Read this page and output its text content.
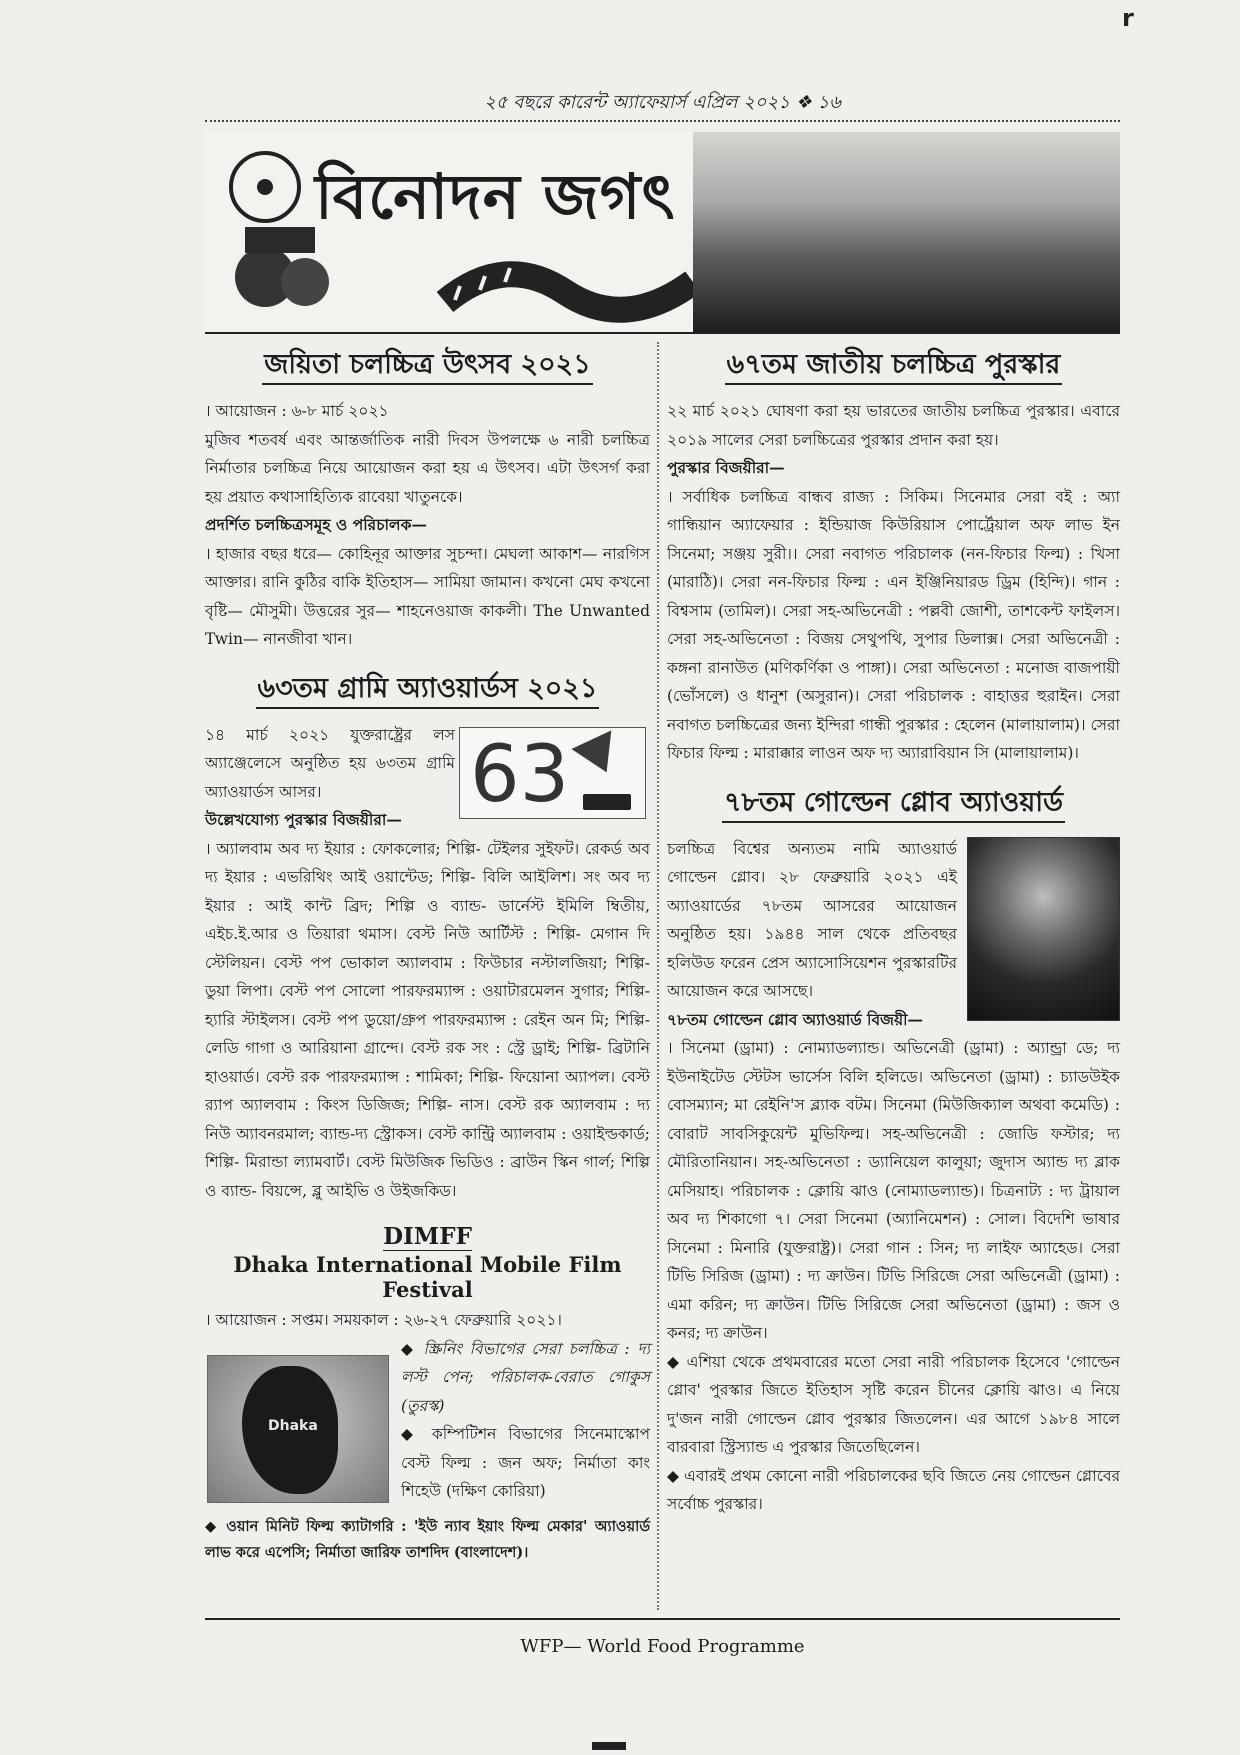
r
২৫ বছরে কারেন্ট অ্যাফেয়ার্স এপ্রিল ২০২১ ❖ ১৬
বিনোদন জগৎ
জয়িতা চলচ্চিত্র উৎসব ২০২১

। আয়োজন : ৬-৮ মার্চ ২০২১

মুজিব শতবর্ষ এবং আন্তর্জাতিক নারী দিবস উপলক্ষে ৬ নারী চলচ্চিত্র নির্মাতার চলচ্চিত্র নিয়ে আয়োজন করা হয় এ উৎসব। এটা উৎসর্গ করা হয় প্রয়াত কথাসাহিত্যিক রাবেয়া খাতুনকে।

প্রদর্শিত চলচ্চিত্রসমূহ ও পরিচালক—

। হাজার বছর ধরে— কোহিনূর আক্তার সুচন্দা। মেঘলা আকাশ— নারগিস আক্তার। রানি কুঠির বাকি ইতিহাস— সামিয়া জামান। কখনো মেঘ কখনো বৃষ্টি— মৌসুমী। উত্তরের সুর— শাহনেওয়াজ কাকলী। The Unwanted Twin— নানজীবা খান।

৬৩তম গ্রামি অ্যাওয়ার্ডস ২০২১
63

১৪ মার্চ ২০২১ যুক্তরাষ্ট্রের লস অ্যাঞ্জেলেসে অনুষ্ঠিত হয় ৬৩তম গ্রামি অ্যাওয়ার্ডস আসর।

উল্লেখযোগ্য পুরস্কার বিজয়ীরা—

। অ্যালবাম অব দ্য ইয়ার : ফোকলোর; শিল্পি- টেইলর সুইফট। রেকর্ড অব দ্য ইয়ার : এভরিথিং আই ওয়ান্টেড; শিল্পি- বিলি আইলিশ। সং অব দ্য ইয়ার : আই কান্ট ব্রিদ; শিল্পি ও ব্যান্ড- ডার্নেস্ট ইমিলি ম্বিতীয়, এইচ.ই.আর ও তিয়ারা থমাস। বেস্ট নিউ আর্টিস্ট : শিল্পি- মেগান দি স্টেলিয়ন। বেস্ট পপ ভোকাল অ্যালবাম : ফিউচার নস্টালজিয়া; শিল্পি- ডুয়া লিপা। বেস্ট পপ সোলো পারফরম্যান্স : ওয়াটারমেলন সুগার; শিল্পি- হ্যারি স্টাইলস। বেস্ট পপ ডুয়ো/গ্রুপ পারফরম্যান্স : রেইন অন মি; শিল্পি- লেডি গাগা ও আরিয়ানা গ্রান্দে। বেস্ট রক সং : স্ট্রে ড্রাই; শিল্পি- ব্রিটানি হাওয়ার্ড। বেস্ট রক পারফরম্যান্স : শামিকা; শিল্পি- ফিয়োনা অ্যাপল। বেস্ট র‍্যাপ অ্যালবাম : কিংস ডিজিজ; শিল্পি- নাস। বেস্ট রক অ্যালবাম : দ্য নিউ অ্যাবনরমাল; ব্যান্ড-দ্য স্ট্রোকস। বেস্ট কান্ট্রি অ্যালবাম : ওয়াইল্ডকার্ড; শিল্পি- মিরান্ডা ল্যামবার্ট। বেস্ট মিউজিক ভিডিও : ব্রাউন স্কিন গার্ল; শিল্পি ও ব্যান্ড- বিয়ন্সে, ব্লু আইভি ও উইজকিড।

DIMFF
Dhaka International Mobile Film Festival

। আয়োজন : সপ্তম। সময়কাল : ২৬-২৭ ফেব্রুয়ারি ২০২১।

Dhaka

◆ স্ক্রিনিং বিভাগের সেরা চলচ্চিত্র : দ্য লস্ট পেন; পরিচালক-বেরাত গোকুস (তুরস্ক)

◆ কম্পিটিশন বিভাগের সিনেমাস্কোপ বেস্ট ফিল্ম : জন অফ; নির্মাতা কাং শিহেউ (দক্ষিণ কোরিয়া)

◆ ওয়ান মিনিট ফিল্ম ক্যাটাগরি : 'ইউ ন্যাব ইয়াং ফিল্ম মেকার' অ্যাওয়ার্ড লাভ করে এপেসি; নির্মাতা জারিফ তাশদিদ (বাংলাদেশ)।

৬৭তম জাতীয় চলচ্চিত্র পুরস্কার

২২ মার্চ ২০২১ ঘোষণা করা হয় ভারতের জাতীয় চলচ্চিত্র পুরস্কার। এবারে ২০১৯ সালের সেরা চলচ্চিত্রের পুরস্কার প্রদান করা হয়।

পুরস্কার বিজয়ীরা—

। সর্বাধিক চলচ্চিত্র বান্ধব রাজ্য : সিকিম। সিনেমার সেরা বই : অ্যা গান্ধিয়ান অ্যাফেয়ার : ইন্ডিয়াজ কিউরিয়াস পোর্ট্রেয়াল অফ লাভ ইন সিনেমা; সঞ্জয় সুরী।। সেরা নবাগত পরিচালক (নন-ফিচার ফিল্ম) : খিসা (মারাঠি)। সেরা নন-ফিচার ফিল্ম : এন ইঞ্জিনিয়ারড ড্রিম (হিন্দি)। গান : বিশ্বসাম (তামিল)। সেরা সহ-অভিনেত্রী : পল্লবী জোশী, তাশকেন্ট ফাইলস। সেরা সহ-অভিনেতা : বিজয় সেথুপথি, সুপার ডিলাক্স। সেরা অভিনেত্রী : কঙ্গনা রানাউত (মণিকর্ণিকা ও পাঙ্গা)। সেরা অভিনেতা : মনোজ বাজপায়ী (ভোঁসলে) ও ধানুশ (অসুরান)। সেরা পরিচালক : বাহাত্তর হুরাইন। সেরা নবাগত চলচ্চিত্রের জন্য ইন্দিরা গান্ধী পুরস্কার : হেলেন (মালায়ালাম)। সেরা ফিচার ফিল্ম : মারাক্কার লাওন অফ দ্য অ্যারাবিয়ান সি (মালায়ালাম)।

৭৮তম গোল্ডেন গ্লোব অ্যাওয়ার্ড

চলচ্চিত্র বিশ্বের অন্যতম নামি অ্যাওয়ার্ড গোল্ডেন গ্লোব। ২৮ ফেব্রুয়ারি ২০২১ এই অ্যাওয়ার্ডের ৭৮তম আসরের আয়োজন অনুষ্ঠিত হয়। ১৯৪৪ সাল থেকে প্রতিবছর হলিউড ফরেন প্রেস অ্যাসোসিয়েশন পুরস্কারটির আয়োজন করে আসছে।

৭৮তম গোল্ডেন গ্লোব অ্যাওয়ার্ড বিজয়ী—

। সিনেমা (ড্রামা) : নোম্যাডল্যান্ড। অভিনেত্রী (ড্রামা) : অ্যান্ড্রা ডে; দ্য ইউনাইটেড স্টেটস ভার্সেস বিলি হলিডে। অভিনেতা (ড্রামা) : চ্যাডউইক বোসম্যান; মা রেইনি'স ব্ল্যাক বটম। সিনেমা (মিউজিক্যাল অথবা কমেডি) : বোরাট সাবসিকুয়েন্ট মুভিফিল্ম। সহ-অভিনেত্রী : জোডি ফস্টার; দ্য মৌরিতানিয়ান। সহ-অভিনেতা : ড্যানিয়েল কালুয়া; জুদাস অ্যান্ড দ্য ব্লাক মেসিয়াহ। পরিচালক : ক্লোয়ি ঝাও (নোম্যাডল্যান্ড)। চিত্রনাট্য : দ্য ট্রায়াল অব দ্য শিকাগো ৭। সেরা সিনেমা (অ্যানিমেশন) : সোল। বিদেশি ভাষার সিনেমা : মিনারি (যুক্তরাষ্ট্র)। সেরা গান : সিন; দ্য লাইফ অ্যাহেড। সেরা টিভি সিরিজ (ড্রামা) : দ্য ক্রাউন। টিভি সিরিজে সেরা অভিনেত্রী (ড্রামা) : এমা করিন; দ্য ক্রাউন। টিভি সিরিজে সেরা অভিনেতা (ড্রামা) : জস ও কনর; দ্য ক্রাউন।

◆ এশিয়া থেকে প্রথমবারের মতো সেরা নারী পরিচালক হিসেবে 'গোল্ডেন গ্লোব' পুরস্কার জিতে ইতিহাস সৃষ্টি করেন চীনের ক্লোয়ি ঝাও। এ নিয়ে দু'জন নারী গোল্ডেন গ্লোব পুরস্কার জিতলেন। এর আগে ১৯৮৪ সালে বারবারা স্ট্রিস্যান্ড এ পুরস্কার জিতেছিলেন।

◆ এবারই প্রথম কোনো নারী পরিচালকের ছবি জিতে নেয় গোল্ডেন গ্লোবের সর্বোচ্চ পুরস্কার।

WFP— World Food Programme
